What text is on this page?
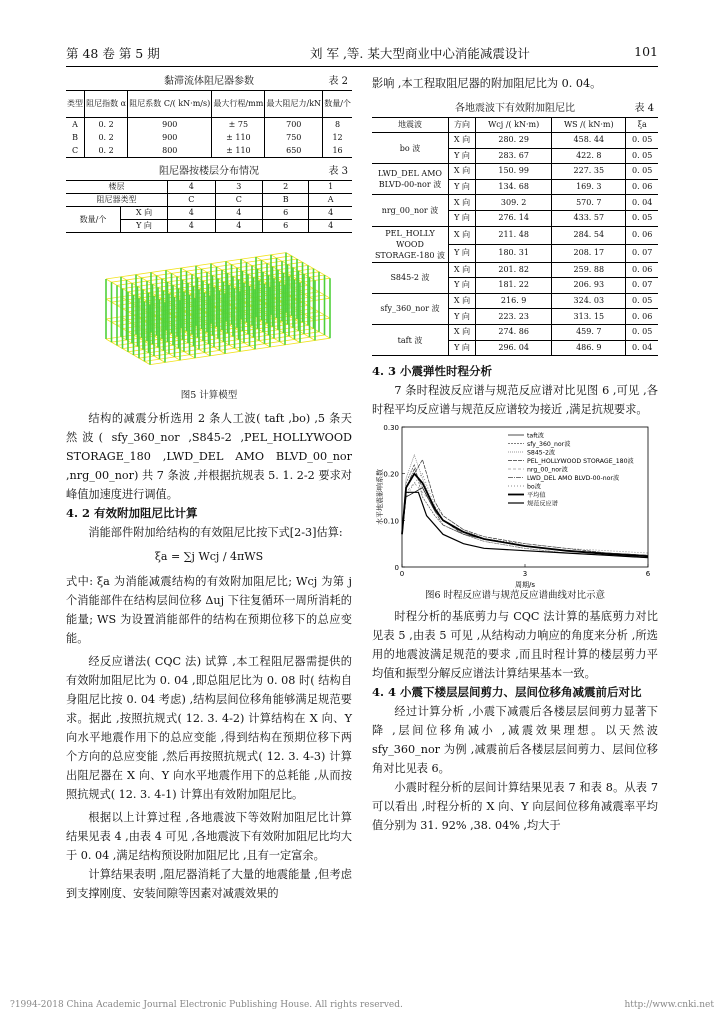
第 48 卷 第 5 期	刘 军 ,等. 某大型商业中心消能减震设计	101
黏滞流体阻尼器参数	表 2
类型	阻尼指数 α	阻尼系数 C/( kN·m/s)	最大行程/mm	最大阻尼力/kN	数量/个
A	0. 2	900	± 75	700	8
B	0. 2	900	± 110	750	12
C	0. 2	800	± 110	650	16
阻尼器按楼层分布情况	表 3
楼层		4	3	2	1
阻尼器类型		C	C	B	A
数量/个	X 向	4	4	6	4
	Y 向	4	4	6	4
图5 计算模型

结构的减震分析选用 2 条人工波( taft ,bo) ,5 条天然波( sfy_360_nor ,S845-2 ,PEL_HOLLYWOOD STORAGE_180 ,LWD_DEL AMO BLVD_00_nor ,nrg_00_nor) 共 7 条波 ,并根据抗规表 5. 1. 2-2 要求对峰值加速度进行调值。

4. 2 有效附加阻尼比计算

消能部件附加给结构的有效阻尼比按下式[2-3]估算:

ξa = ∑j Wcj / 4πWS

式中: ξa 为消能减震结构的有效附加阻尼比; Wcj 为第 j 个消能部件在结构层间位移 Δuj 下往复循环一周所消耗的能量; WS 为设置消能部件的结构在预期位移下的总应变能。

经反应谱法( CQC 法) 试算 ,本工程阻尼器需提供的有效附加阻尼比为 0. 04 ,即总阻尼比为 0. 08 时( 结构自身阻尼比按 0. 04 考虑) ,结构层间位移角能够满足规范要求。据此 ,按照抗规式( 12. 3. 4-2) 计算结构在 X 向、Y 向水平地震作用下的总应变能 ,得到结构在预期位移下两个方向的总应变能 ,然后再按照抗规式( 12. 3. 4-3) 计算出阻尼器在 X 向、Y 向水平地震作用下的总耗能 ,从而按照抗规式( 12. 3. 4-1) 计算出有效附加阻尼比。

根据以上计算过程 ,各地震波下等效附加阻尼比计算结果见表 4 ,由表 4 可见 ,各地震波下有效附加阻尼比均大于 0. 04 ,满足结构预设附加阻尼比 ,且有一定富余。

计算结果表明 ,阻尼器消耗了大量的地震能量 ,但考虑到支撑刚度、安装间隙等因素对减震效果的

影响 ,本工程取阻尼器的附加阻尼比为 0. 04。

各地震波下有效附加阻尼比	表 4
地震波	方向	Wcj /( kN·m)	WS /( kN·m)	ξa
bo 波	X 向	280. 29	458. 44	0. 05
	Y 向	283. 67	422. 8	0. 05
LWD_DEL AMO BLVD-00-nor 波	X 向	150. 99	227. 35	0. 05
	Y 向	134. 68	169. 3	0. 06
nrg_00_nor 波	X 向	309. 2	570. 7	0. 04
	Y 向	276. 14	433. 57	0. 05
PEL_HOLLY WOOD STORAGE-180 波	X 向	211. 48	284. 54	0. 06
	Y 向	180. 31	208. 17	0. 07
S845-2 波	X 向	201. 82	259. 88	0. 06
	Y 向	181. 22	206. 93	0. 07
sfy_360_nor 波	X 向	216. 9	324. 03	0. 05
	Y 向	223. 23	313. 15	0. 06
taft 波	X 向	274. 86	459. 7	0. 05
	Y 向	296. 04	486. 9	0. 04
4. 3 小震弹性时程分析

7 条时程波反应谱与规范反应谱对比见图 6 ,可见 ,各时程平均反应谱与规范反应谱较为接近 ,满足抗规要求。

0
0.10
0.20
0.30
0	3	6
周期/s
水平地震影响系数
taft波
sfy_360_nor波
S845-2波
PEL_HOLLYWOOD STORAGE_180波
nrg_00_nor波
LWD_DEL AMO BLVD-00-nor波
bo波
平均值
规范反应谱
图6 时程反应谱与规范反应谱曲线对比示意

时程分析的基底剪力与 CQC 法计算的基底剪力对比见表 5 ,由表 5 可见 ,从结构动力响应的角度来分析 ,所选用的地震波满足规范的要求 ,而且时程计算的楼层剪力平均值和振型分解反应谱法计算结果基本一致。

4. 4 小震下楼层层间剪力、层间位移角减震前后对比

经过计算分析 ,小震下减震后各楼层层间剪力显著下降 ,层间位移角减小 ,减震效果理想。以天然波 sfy_360_nor 为例 ,减震前后各楼层层间剪力、层间位移角对比见表 6。

小震时程分析的层间计算结果见表 7 和表 8。从表 7 可以看出 ,时程分析的 X 向、Y 向层间位移角减震率平均值分别为 31. 92% ,38. 04% ,均大于

?1994-2018 China Academic Journal Electronic Publishing House. All rights reserved.	http://www.cnki.net
